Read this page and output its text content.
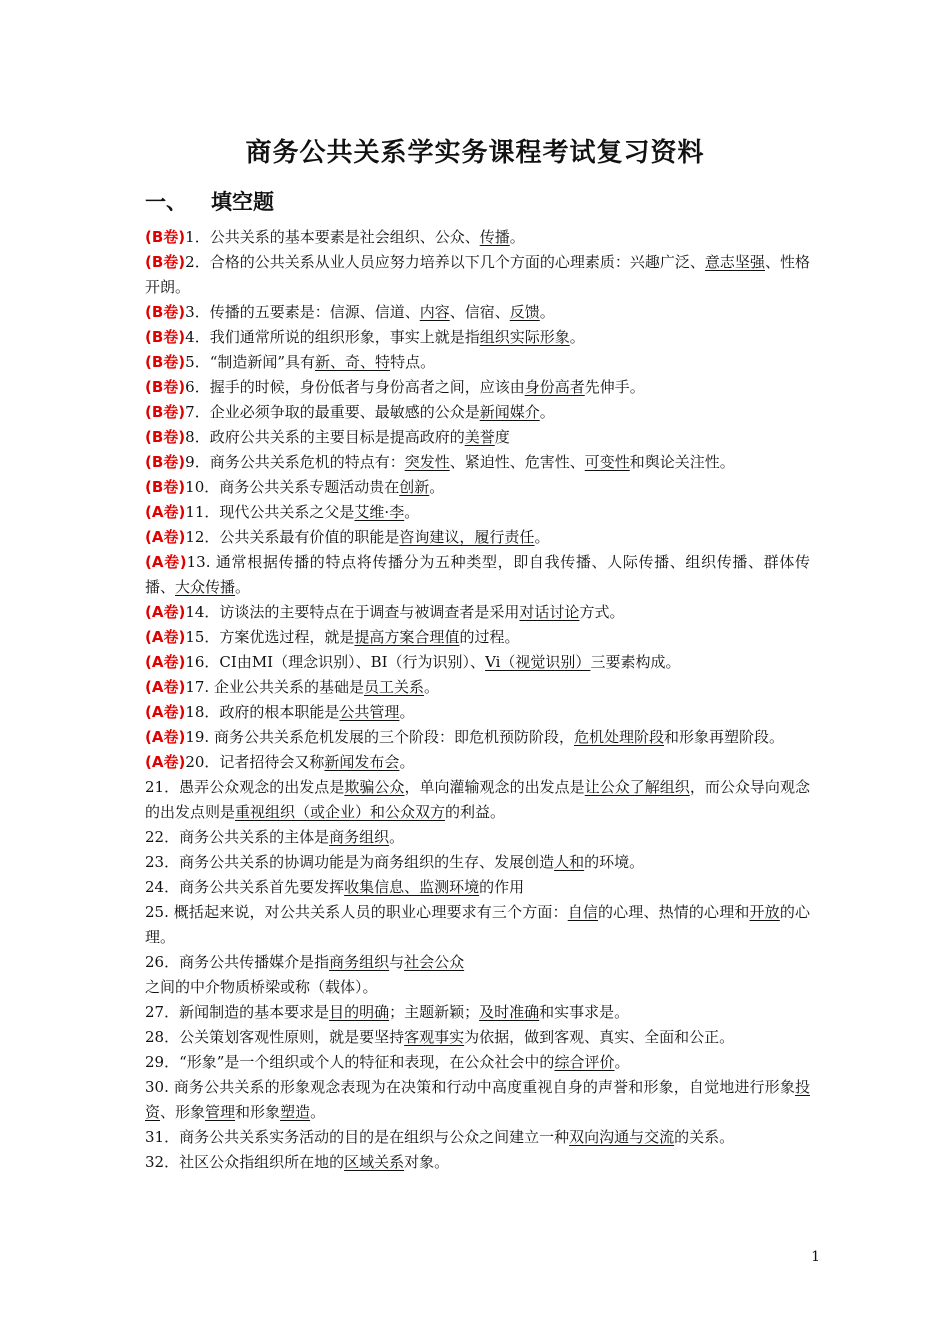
商务公共关系学实务课程考试复习资料
一、 填空题

(B卷)1．公共关系的基本要素是社会组织、公众、传播。

(B卷)2．合格的公共关系从业人员应努力培养以下几个方面的心理素质：兴趣广泛、意志坚强、性格开朗。

(B卷)3．传播的五要素是：信源、信道、内容、信宿、反馈。

(B卷)4．我们通常所说的组织形象，事实上就是指组织实际形象。

(B卷)5．“制造新闻”具有新、奇、特特点。

(B卷)6．握手的时候，身份低者与身份高者之间，应该由身份高者先伸手。

(B卷)7．企业必须争取的最重要、最敏感的公众是新闻媒介。

(B卷)8．政府公共关系的主要目标是提高政府的美誉度

(B卷)9．商务公共关系危机的特点有：突发性、紧迫性、危害性、可变性和舆论关注性。

(B卷)10．商务公共关系专题活动贵在创新。

(A卷)11．现代公共关系之父是艾维·李。

(A卷)12．公共关系最有价值的职能是咨询建议，履行责任。

(A卷)13. 通常根据传播的特点将传播分为五种类型，即自我传播、人际传播、组织传播、群体传播、大众传播。

(A卷)14．访谈法的主要特点在于调查与被调查者是采用对话讨论方式。

(A卷)15．方案优选过程，就是提高方案合理值的过程。

(A卷)16．CI由MI（理念识别）、BI（行为识别）、Vi（视觉识别）三要素构成。

(A卷)17. 企业公共关系的基础是员工关系。

(A卷)18．政府的根本职能是公共管理。

(A卷)19. 商务公共关系危机发展的三个阶段：即危机预防阶段，危机处理阶段和形象再塑阶段。

(A卷)20．记者招待会又称新闻发布会。

21．愚弄公众观念的出发点是欺骗公众，单向灌输观念的出发点是让公众了解组织，而公众导向观念的出发点则是重视组织（或企业）和公众双方的利益。

22．商务公共关系的主体是商务组织。

23．商务公共关系的协调功能是为商务组织的生存、发展创造人和的环境。

24．商务公共关系首先要发挥收集信息、监测环境的作用

25. 概括起来说，对公共关系人员的职业心理要求有三个方面：自信的心理、热情的心理和开放的心理。

26．商务公共传播媒介是指商务组织与社会公众

之间的中介物质桥梁或称（载体）。

27．新闻制造的基本要求是目的明确；主题新颖；及时准确和实事求是。

28．公关策划客观性原则，就是要坚持客观事实为依据，做到客观、真实、全面和公正。

29．“形象”是一个组织或个人的特征和表现，在公众社会中的综合评价。

30. 商务公共关系的形象观念表现为在决策和行动中高度重视自身的声誉和形象，自觉地进行形象投资、形象管理和形象塑造。

31．商务公共关系实务活动的目的是在组织与公众之间建立一种双向沟通与交流的关系。

32．社区公众指组织所在地的区域关系对象。

1
